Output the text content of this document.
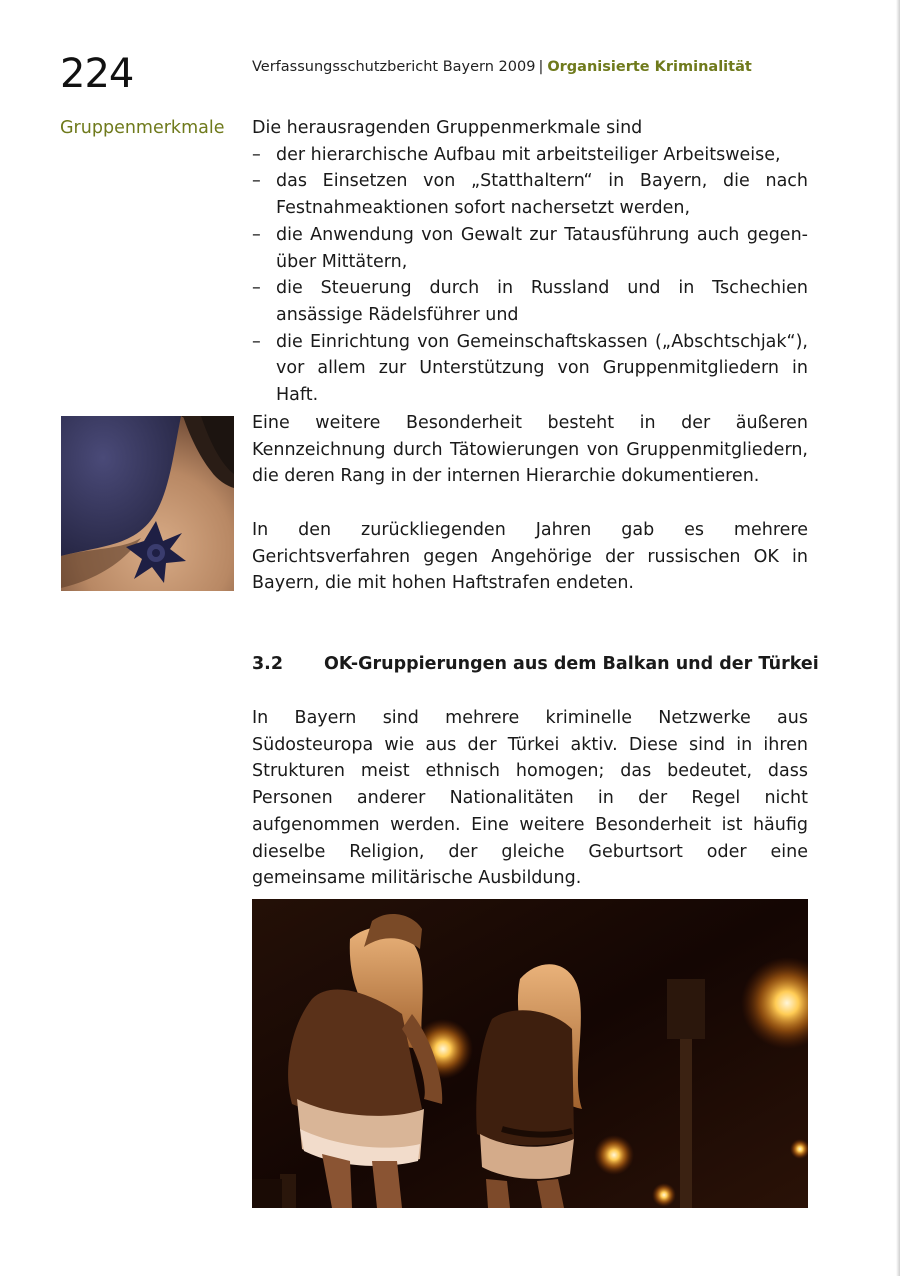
224	Verfassungsschutzbericht Bayern 2009 | Organisierte Kriminalität
Gruppenmerkmale Die herausragenden Gruppenmerkmale sind

– der hierarchische Aufbau mit arbeitsteiliger Arbeitsweise,
– das Einsetzen von „Statthaltern“ in Bayern, die nach Festnahmeaktionen sofort nachersetzt werden,
– die Anwendung von Gewalt zur Tatausführung auch gegenüber Mittätern,
– die Steuerung durch in Russland und in Tschechien ansässige Rädelsführer und
– die Einrichtung von Gemeinschaftskassen („Abschtschjak“), vor allem zur Unterstützung von Gruppenmitgliedern in Haft.

Eine weitere Besonderheit besteht in der äußeren Kennzeichnung durch Tätowierungen von Gruppenmitgliedern, die deren Rang in der internen Hierarchie dokumentieren.

In den zurückliegenden Jahren gab es mehrere Gerichtsverfahren gegen Angehörige der russischen OK in Bayern, die mit hohen Haftstrafen endeten.

3.2 OK-Gruppierungen aus dem Balkan und der Türkei

In Bayern sind mehrere kriminelle Netzwerke aus Südosteuropa wie aus der Türkei aktiv. Diese sind in ihren Strukturen meist ethnisch homogen; das bedeutet, dass Personen anderer Nationalitäten in der Regel nicht aufgenommen werden. Eine weitere Besonderheit ist häufig dieselbe Religion, der gleiche Geburtsort oder eine gemeinsame militärische Ausbildung.
